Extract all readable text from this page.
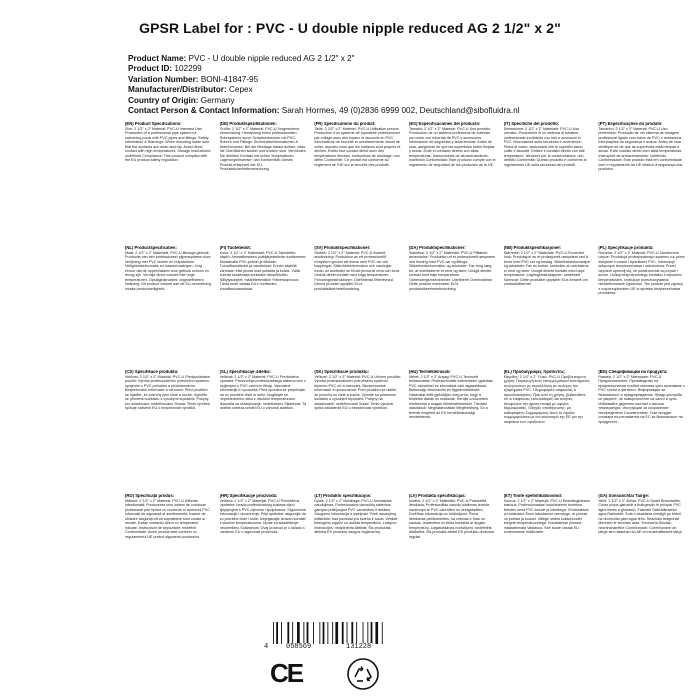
GPSR Label for : PVC - U double nipple reduced AG 2 1/2" x 2"
Product Name: PVC - U double nipple reduced AG 2 1/2" x 2"
Product ID: 102299
Variation Number: BONI-41847-95
Manufacturer/Distributor: Cepex
Country of Origin: Germany
Contact Person & Contact Information: Sarah Hormes, 49 (0)2836 6999 002, Deutschland@sibofluidra.nl
(EN) Product Specifications:
Size: 2 1/2" x 2" Material: PVC-U Intended Use: Production of a professional pipe system for swimming pools with PVC pipes and fittings. Safety information & Warnings: When mounting make sure that the surfaces are clean and dry. Avoid direct contact with high temperatures. Storage Instructions: undefined Compliance: This product complies with the EU product safety regulation.
(DE) Produktspezifikationen:
Größe: 2 1/2" x 2" Material: PVC-U Vorgesehene Verwendung: Herstellung eines professionellen Rohrsystems durch Schwimmbecken mit PVC-Rohren und Fittings. Sicherheitsinformationen & Warnhinweise: Bei der Montage darauf achten, dass die Oberflächen sauber und trocken sind. Vermeiden Sie direkten Kontakt mit hohen Temperaturen. Lagerungshinweise: nan Konformität: Dieses Produkt entspricht der EU-Produktsicherheitsverordnung.
(FR) Spécifications du produit:
Taille: 2 1/2" x 2" Matériel: PVC-U Utilisation prévue: Production d'un système de tuyauterie professionnel par collage avec des tuyaux et raccords en PVC. Informations de sécurité et avertissements: Avant de coller, assurez-vous que les surfaces sont propres et sèches. Évitez tout contact direct avec des températures élevées. Instructions de stockage: non défini Conformité: Ce produit est conforme au règlement de l'UE sur la sécurité des produits.
(ES) Especificaciones del producto:
Tamaño: 2 1/2" x 2" Material: PVC-U Uso previsto: Producción de un sistema profesional de tuberías por unión con tuberías de PVC y accesorios. Información de seguridad y advertencias: Antes de usar, asegúrese de que las superficies estén limpias y secas. Evite el contacto directo con altas temperaturas. Instrucciones de almacenamiento: indefinido Conformidad: Este producto cumple con el reglamento de seguridad de los productos de la UE.
(IT) Specifiche del prodotto:
Dimensione: 2 1/2" x 2" Materiale: PVC-U Uso previsto: Produzione di un sistema di tubature professionale incollando con tubi e accessori in PVC. Informazioni sulla sicurezza e avvertenze: Prima di usare, assicurarsi che le superfici siano pulite e asciutte. Evitare il contatto diretto con alte temperature. Istruzioni per la conservazione: non definito Conformità: Questo prodotto è conforme al regolamento UE sulla sicurezza dei prodotti.
(PT) Especificações do produto:
Tamanho: 2 1/2" x 2" Material: PVC-U Uso pretendido: Produção de um sistema de tubagem profissional ligado com tubos de PVC e acessórios. Informações de segurança e avisos: Antes de usar certifique-se de que as superfícies estão limpas e secas. Evite contato direto com altas temperaturas. Instruções de armazenamento: indefinido Conformidade: Este produto está em conformidade com o regulamento da UE relativo à segurança dos produtos.
(NL) Productspecificaties:
Maat: 2 1/2" x 2" Materiaal: PVC-U Beoogd gebruik: Productie van een professioneel pijpensysteem door verlijming met PVC buizen en hulpstukken. Veiligheidsinformatie en waarschuwingen: Zorg ervoor dat de oppervlakken voor gebruik schoon en droog zijn. Vermijd direct contact met hoge temperaturen. Opslaginstructies: ongedefinieerd Naleving: Dit product voldoet aan de EU-verordening inzake productveiligheid.
(FI) Tuotetiedot:
Koko: 2 1/2" x 2" Materiaali: PVC-U Tarkoitettu käyttö: Ammattimaisen putkijärjestelmän tuottaminen liimaamalla PVC-putkiin ja liitoksiin. Turvallisuustiedot ja varoitukset: Ennen käyttöä varmista, että pinnat ovat puhtaita ja kuivia. Vältä suoraa kosketusta korkeisiin lämpötiloihin. Säilytysohjeet: määrittelemätön Yhteensopivuus: Tämä tuote vastaa EU:n tuotteiden turvallisuusasetusta.
(SV) Produktspecifikationer:
Storlek: 2 1/2" x 2" Material: PVC-U Avsedd användning: Produktion av ett professionellt rörsystem genom att limma med PVC-rör och kopplingar. Säkerhetsinformation och varningar: Innan du använder se till att ytorna är rena och torra. Undvik direkt kontakt med höga temperaturer. Förvaringsinstruktioner: Odefinierad Efterlevnad: Denna produkt uppfyller EU:s produktsäkerhetsförordning.
(DA) Produktspecifikationer:
Størrelse: 2 1/2" x 2" Materiale: PVC-U Påtænkt anvendelse: Produktion af et professionelt rørsystem ved limning med PVC-rør og fittings. Sikkerhedsinformation og advarsler: Før brug sørg for, at overfladerne er rene og tørre. Undgå direkte kontakt med høje temperaturer. Opbevaringsinstruktioner: Udefineret Overholdelse: Dette produkt overholder EU's produktsikkerhedsforordning.
(NB) Produktspesifikasjoner:
Størrelse: 2 1/2" x 2" Materiale: PVC-U Forventet bruk: Produksjon av et profesjonelt rørsystem ved å limes med PVC-rør og beslag. Sikkerhetsinformasjon og advarsler: Før du bruker, kontroller at overflatene er rene og tørre. Unngå direkte kontakt med høye temperaturer. Lagringsinstruksjoner: undefinert Samsvar: Dette produktet oppfyller EUs forskrift om produktsikkerhet.
(PL) Specyfikacje produktu:
Rozmiar: 2 1/2" x 2" Materiał: PVC-U Zamierzone użycie: Produkcja profesjonalnego systemu rur przez sklejanie z rurami i łącznikami PVC. Informacje dotyczące bezpieczeństwa i ostrzeżenia: Przed użyciem upewnij się, że powierzchnie są czyste i suche. Unikaj bezpośredniego kontaktu z wysokimi temperaturami. Instrukcje przechowywania: niezdefiniowane Zgodność: Ten produkt jest zgodny z rozporządzeniem UE w sprawie bezpieczeństwa produktów.
(CS) Specifikace produktu:
Velikost: 2 1/2" x 2" Materiál: PVC-U Předpokládané použití: Výroba profesionálního potrubního systému spojením s PVC potrubím a příslušenstvím. Bezpečnostní informace a varování: Před použitím se ujistěte, že povrchy jsou čisté a suché. Vyhněte se přímému kontaktu s vysokými teplotami. Pokyny pro skladování: nedefinováno Shoda: Tento výrobek splňuje nařízení EU o bezpečnosti výrobků.
(SL) Specifikacije izdelka:
Velikost: 2 1/2" x 2" Material: PVC-U Predvidena uporaba: Proizvodnja profesionalnega sistema cevi z lepljenjem s PVC cevmi in fitingi. Varnostne informacije in opozorila: Pred uporabo se prepričajte, da so površine čiste in suhe. Izogibajte se neposrednemu stiku z visokimi temperaturami. Navodila za shranjevanje: nedefinirano Skladnost: Ta izdelek ustreza uredbi EU o varnosti izdelkov.
(SK) Špecifikácie produktu:
Veľkosť: 2 1/2" x 2" Materiál: PVC-U Určené použitie: Výroba profesionálneho potrubného systému lepením PVC rúr a tvaroviek. Bezpečnostné informácie a upozornenia: Pred použitím sa uistite, že povrchy sú čisté a suché. Vyhnite sa priamemu kontaktu s vysokými teplotami. Pokyny na skladovanie: nedefinované Súlad: Tento výrobok spĺňa nariadenie EÚ o bezpečnosti výrobkov.
(HU) Termékleírások:
Méret: 2 1/2" x 2" Anyag: PVC-U Tervezett felhasználás: Professzionális csőrendszer gyártása PVC csövekkel és idomokkal való ragasztással. Biztonsági információk és figyelmeztetések: Használat előtt győződjön meg arról, hogy a felületek tiszták és szárazak. Kerülje a közvetlen érintkezést a magas hőmérsékletekkel. Tárolási utasítások: Meghatározatlan Megfelelőség: Ez a termék megfelel az EU termékbiztonsági rendeletének.
(EL) Προδιαγραφές προϊόντος:
Μέγεθος: 2 1/2" x 2" Υλικό: PVC-U Προβλεπόμενη χρήση: Παραγωγή ενός επαγγελματικού συστήματος σωληνώσεων με συγκόλληση με σωλήνες και εξαρτήματα PVC. Πληροφορίες ασφαλείας & προειδοποιήσεις: Πριν από τη χρήση, βεβαιωθείτε ότι οι επιφάνειες είναι καθαρές και στεγνές. Αποφύγετε την άμεση επαφή με υψηλές θερμοκρασίες. Οδηγίες αποθήκευσης: μη καθορισμένο Συμμόρφωση: Αυτό το προϊόν συμμορφώνεται με τον κανονισμό της ΕΕ για την ασφάλεια των προϊόντων.
(BG) Спецификации на продукта:
Размер: 2 1/2" x 2" Материал: PVC-U Предназначение: Производство на професионална тръбна система чрез залепване с PVC тръби и фитинги. Информация за безопасност и предупреждения: Преди употреба се уверете, че повърхностите са чисти и сухи. Избягвайте директен контакт с високи температури. Инструкции за съхранение: неопределено Съответствие: Този продукт отговаря на регламента на ЕС за безопасност на продуктите.
(RO) Specificații produs:
Mărime: 2 1/2" x 2" Material: PVC-U Utilizare intenționată: Producerea unui sistem de conducte profesional prin lipirea cu conducte și accesorii PVC. Informații de siguranță și avertismente: Înainte de utilizare asigurați-vă că suprafețele sunt curate și uscate. Evitați contactul direct cu temperaturi ridicate. Instrucțiuni de depozitare: nedefinit Conformitate: Acest produs este conform cu regulamentul UE privind siguranța produselor.
(HR) Specifikacije proizvoda:
Veličina: 2 1/2" x 2" Materijal: PVC-U Predviđena upotreba: Izrada profesionalnog sustava cijevi lijepljenjem s PVC cijevima i spojnicama. Sigurnosne informacije i upozorenja: Prije upotrebe osigurajte da su površine čiste i suhe. Izbjegavajte izravan kontakt s visokim temperaturama. Upute za skladištenje: neodređeno Sukladnost: Ovaj proizvod je u skladu s uredbom EU o sigurnosti proizvoda.
(LT) Produkto specifikacijos:
Dydis: 2 1/2" x 2" Medžiaga: PVC-U Numatytas naudojimas: Profesionalios vamzdžių sistemos gamyba priklijuojant PVC vamzdžius ir detales. Saugumo informacija ir įspėjimai: Prieš naudojimą įsitikinkite, kad paviršiai yra švarūs ir sausi. Venkite tiesioginio sąlyčio su aukšta temperatūra. Laikymo instrukcijos: neapibrėžta Atitiktis: Šis produktas atitinka ES produktų saugos reglamentą.
(LV) Produkta specifikācijas:
Izmērs: 2 1/2" x 2" Materiāls: PVC-U Paredzētā lietošana: Profesionālas cauruļu sistēmas izveide, savienojot ar PVC caurulēm un veidgabaliem. Drošības informācija un brīdinājumi: Pirms lietošanas pārliecinieties, ka virsmas ir tīras un sausas. Izvairieties no tieša kontakta ar augstu temperatūru. Uzglabāšanas norādījumi: nedefinēts Atbilstība: Šis produkts atbilst ES produktu drošuma regulai.
(ET) Toote spetsifikatsioonid:
Suurus: 2 1/2" x 2" Materjal: PVC-U Eesmärgipärane kasutus: Professionaalse torusüsteemi tootmine, liimides need PVC-torude ja liitmikega. Ohutusteave ja hoiatused: Enne kasutamist veenduge, et pinnad on puhtad ja kuivad. Vältige otsest kokkupuudet kõrgete temperatuuridega. Hoiustamise juhised: määratlemata Vastavus: See toode vastab ELi tooteohutuse määrusele.
(GA) Sonraíochtaí Táirge:
Méid: 2 1/2" x 2" Ábhar: PVC-U Úsáid Bheartaithe: Córas píopa gairmiúil a tháirgeadh trí phíopaí PVC agus feistis a ghreamú. Faisnéis Sábháilteachta agus Rabhaidh: Sula n-úsáidtear cinntigh go bhfuil na dromchlaí glan agus tirim. Seachain teagmháil dhíreach le teochtaí arda. Treoracha Stórála: neamhshainithe Comhlíonadh: Comhlíonann an táirge seo rialachán an AE um shábháilteacht táirgí.
4	058569	131228
CE
